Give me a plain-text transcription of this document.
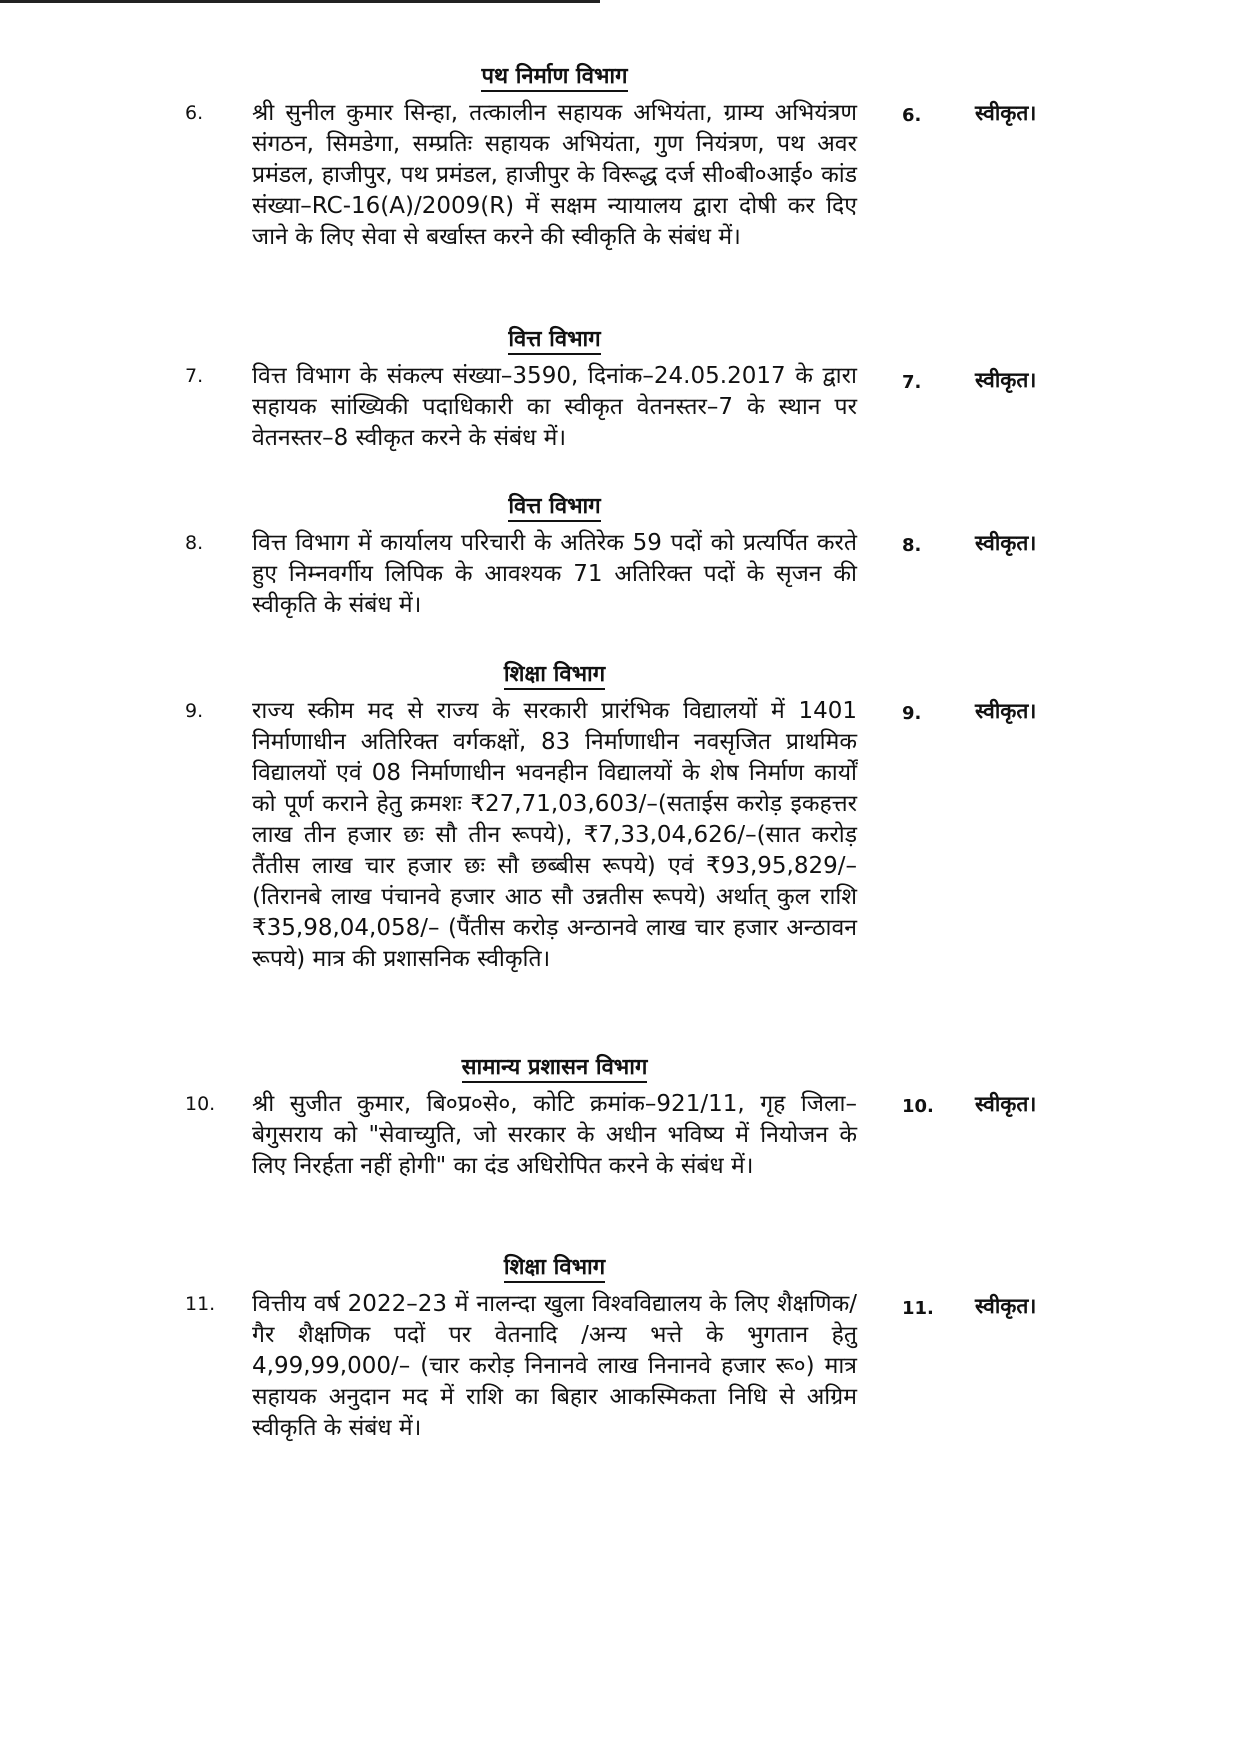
पथ निर्माण विभाग
6. श्री सुनील कुमार सिन्हा, तत्कालीन सहायक अभियंता, ग्राम्य अभियंत्रण संगठन, सिमडेगा, सम्प्रतिः सहायक अभियंता, गुण नियंत्रण, पथ अवर प्रमंडल, हाजीपुर, पथ प्रमंडल, हाजीपुर के विरूद्ध दर्ज सी०बी०आई० कांड संख्या–RC-16(A)/2009(R) में सक्षम न्यायालय द्वारा दोषी कर दिए जाने के लिए सेवा से बर्खास्त करने की स्वीकृति के संबंध में।
6.	स्वीकृत।
वित्त विभाग
7. वित्त विभाग के संकल्प संख्या–3590, दिनांक–24.05.2017 के द्वारा सहायक सांख्यिकी पदाधिकारी का स्वीकृत वेतनस्तर–7 के स्थान पर वेतनस्तर–8 स्वीकृत करने के संबंध में।
7.	स्वीकृत।
वित्त विभाग
8. वित्त विभाग में कार्यालय परिचारी के अतिरेक 59 पदों को प्रत्यर्पित करते हुए निम्नवर्गीय लिपिक के आवश्यक 71 अतिरिक्त पदों के सृजन की स्वीकृति के संबंध में।
8.	स्वीकृत।
शिक्षा विभाग
9. राज्य स्कीम मद से राज्य के सरकारी प्रारंभिक विद्यालयों में 1401 निर्माणाधीन अतिरिक्त वर्गकक्षों, 83 निर्माणाधीन नवसृजित प्राथमिक विद्यालयों एवं 08 निर्माणाधीन भवनहीन विद्यालयों के शेष निर्माण कार्यों को पूर्ण कराने हेतु क्रमशः ₹27,71,03,603/–(सताईस करोड़ इकहत्तर लाख तीन हजार छः सौ तीन रूपये), ₹7,33,04,626/–(सात करोड़ तैंतीस लाख चार हजार छः सौ छब्बीस रूपये) एवं ₹93,95,829/–(तिरानबे लाख पंचानवे हजार आठ सौ उन्नतीस रूपये) अर्थात् कुल राशि ₹35,98,04,058/– (पैंतीस करोड़ अन्ठानवे लाख चार हजार अन्ठावन रूपये) मात्र की प्रशासनिक स्वीकृति।
9.	स्वीकृत।
सामान्य प्रशासन विभाग
10. श्री सुजीत कुमार, बि०प्र०से०, कोटि क्रमांक–921/11, गृह जिला– बेगुसराय को "सेवाच्युति, जो सरकार के अधीन भविष्य में नियोजन के लिए निरर्हता नहीं होगी" का दंड अधिरोपित करने के संबंध में।
10. स्वीकृत।
शिक्षा विभाग
11. वित्तीय वर्ष 2022–23 में नालन्दा खुला विश्वविद्यालय के लिए शैक्षणिक/गैर शैक्षणिक पदों पर वेतनादि /अन्य भत्ते के भुगतान हेतु 4,99,99,000/– (चार करोड़ निनानवे लाख निनानवे हजार रू०) मात्र सहायक अनुदान मद में राशि का बिहार आकस्मिकता निधि से अग्रिम स्वीकृति के संबंध में।
11. स्वीकृत।
